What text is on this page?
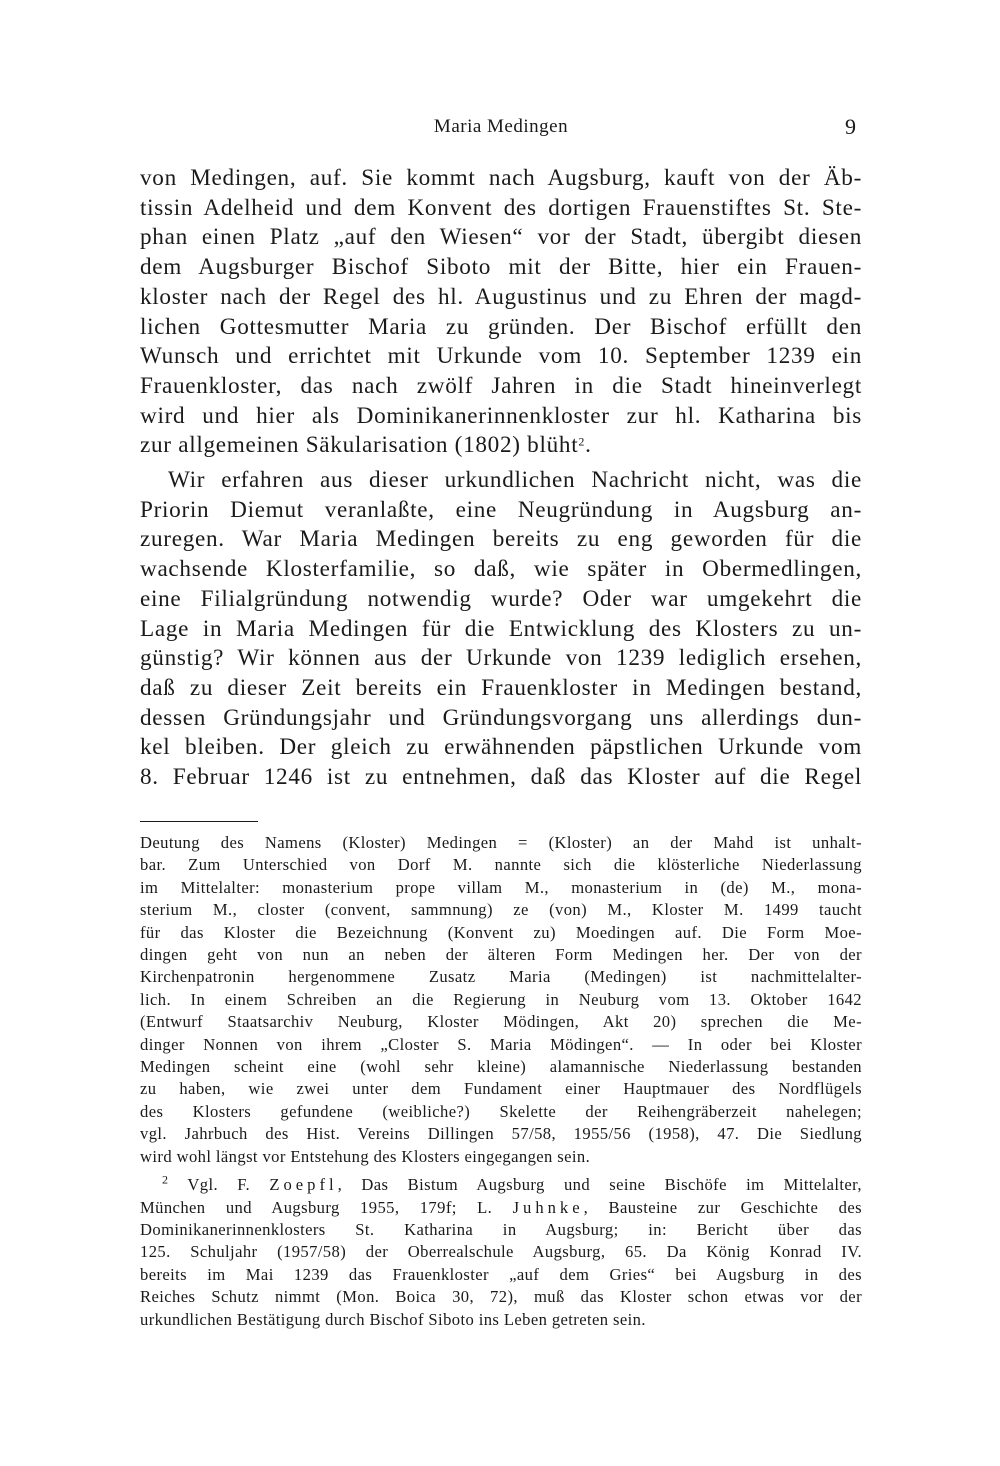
Maria Medingen	9

von Medingen, auf. Sie kommt nach Augsburg, kauft von der Äb-
tissin Adelheid und dem Konvent des dortigen Frauenstiftes St. Ste-
phan einen Platz „auf den Wiesen“ vor der Stadt, übergibt diesen
dem Augsburger Bischof Siboto mit der Bitte, hier ein Frauen-
kloster nach der Regel des hl. Augustinus und zu Ehren der magd-
lichen Gottesmutter Maria zu gründen. Der Bischof erfüllt den
Wunsch und errichtet mit Urkunde vom 10. September 1239 ein
Frauenkloster, das nach zwölf Jahren in die Stadt hineinverlegt
wird und hier als Dominikanerinnenkloster zur hl. Katharina bis
zur allgemeinen Säkularisation (1802) blüht$^2$.

Wir erfahren aus dieser urkundlichen Nachricht nicht, was die
Priorin Diemut veranlaßte, eine Neugründung in Augsburg an-
zuregen. War Maria Medingen bereits zu eng geworden für die
wachsende Klosterfamilie, so daß, wie später in Obermedlingen,
eine Filialgründung notwendig wurde? Oder war umgekehrt die
Lage in Maria Medingen für die Entwicklung des Klosters zu un-
günstig? Wir können aus der Urkunde von 1239 lediglich ersehen,
daß zu dieser Zeit bereits ein Frauenkloster in Medingen bestand,
dessen Gründungsjahr und Gründungsvorgang uns allerdings dun-
kel bleiben. Der gleich zu erwähnenden päpstlichen Urkunde vom
8. Februar 1246 ist zu entnehmen, daß das Kloster auf die Regel

Deutung des Namens (Kloster) Medingen = (Kloster) an der Mahd ist unhalt-
bar. Zum Unterschied von Dorf M. nannte sich die klösterliche Niederlassung
im Mittelalter: monasterium prope villam M., monasterium in (de) M., mona-
sterium M., closter (convent, sammnung) ze (von) M., Kloster M. 1499 taucht
für das Kloster die Bezeichnung (Konvent zu) Moedingen auf. Die Form Moe-
dingen geht von nun an neben der älteren Form Medingen her. Der von der
Kirchenpatronin hergenommene Zusatz Maria (Medingen) ist nachmittelalter-
lich. In einem Schreiben an die Regierung in Neuburg vom 13. Oktober 1642
(Entwurf Staatsarchiv Neuburg, Kloster Mödingen, Akt 20) sprechen die Me-
dinger Nonnen von ihrem „Closter S. Maria Mödingen“. — In oder bei Kloster
Medingen scheint eine (wohl sehr kleine) alamannische Niederlassung bestanden
zu haben, wie zwei unter dem Fundament einer Hauptmauer des Nordflügels
des Klosters gefundene (weibliche?) Skelette der Reihengräberzeit nahelegen;
vgl. Jahrbuch des Hist. Vereins Dillingen 57/58, 1955/56 (1958), 47. Die Siedlung
wird wohl längst vor Entstehung des Klosters eingegangen sein.
$^2$ Vgl. F. Zoepfl, Das Bistum Augsburg und seine Bischöfe im Mittelalter,
München und Augsburg 1955, 179f; L. Juhnke, Bausteine zur Geschichte des
Dominikanerinnenklosters St. Katharina in Augsburg; in: Bericht über das
125. Schuljahr (1957/58) der Oberrealschule Augsburg, 65. Da König Konrad IV.
bereits im Mai 1239 das Frauenkloster „auf dem Gries“ bei Augsburg in des
Reiches Schutz nimmt (Mon. Boica 30, 72), muß das Kloster schon etwas vor der
urkundlichen Bestätigung durch Bischof Siboto ins Leben getreten sein.
